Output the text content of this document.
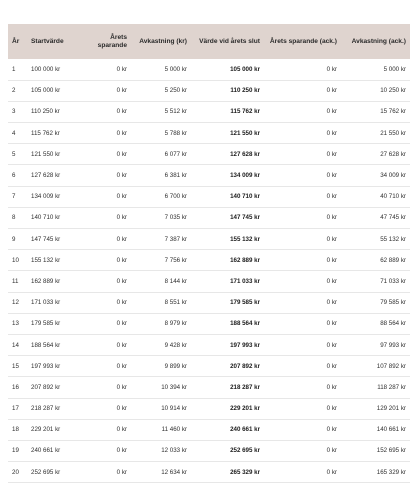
År	Startvärde	Årets sparande	Avkastning (kr)	Värde vid årets slut	Årets sparande (ack.)	Avkastning (ack.)
1	100 000 kr	0 kr	5 000 kr	105 000 kr	0 kr	5 000 kr
2	105 000 kr	0 kr	5 250 kr	110 250 kr	0 kr	10 250 kr
3	110 250 kr	0 kr	5 512 kr	115 762 kr	0 kr	15 762 kr
4	115 762 kr	0 kr	5 788 kr	121 550 kr	0 kr	21 550 kr
5	121 550 kr	0 kr	6 077 kr	127 628 kr	0 kr	27 628 kr
6	127 628 kr	0 kr	6 381 kr	134 009 kr	0 kr	34 009 kr
7	134 009 kr	0 kr	6 700 kr	140 710 kr	0 kr	40 710 kr
8	140 710 kr	0 kr	7 035 kr	147 745 kr	0 kr	47 745 kr
9	147 745 kr	0 kr	7 387 kr	155 132 kr	0 kr	55 132 kr
10	155 132 kr	0 kr	7 756 kr	162 889 kr	0 kr	62 889 kr
11	162 889 kr	0 kr	8 144 kr	171 033 kr	0 kr	71 033 kr
12	171 033 kr	0 kr	8 551 kr	179 585 kr	0 kr	79 585 kr
13	179 585 kr	0 kr	8 979 kr	188 564 kr	0 kr	88 564 kr
14	188 564 kr	0 kr	9 428 kr	197 993 kr	0 kr	97 993 kr
15	197 993 kr	0 kr	9 899 kr	207 892 kr	0 kr	107 892 kr
16	207 892 kr	0 kr	10 394 kr	218 287 kr	0 kr	118 287 kr
17	218 287 kr	0 kr	10 914 kr	229 201 kr	0 kr	129 201 kr
18	229 201 kr	0 kr	11 460 kr	240 661 kr	0 kr	140 661 kr
19	240 661 kr	0 kr	12 033 kr	252 695 kr	0 kr	152 695 kr
20	252 695 kr	0 kr	12 634 kr	265 329 kr	0 kr	165 329 kr
